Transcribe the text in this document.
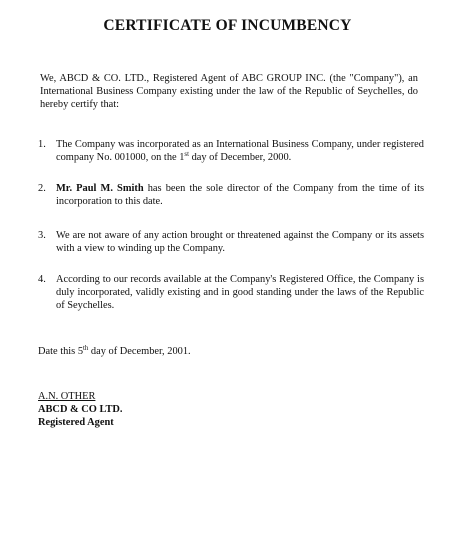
CERTIFICATE OF INCUMBENCY
We, ABCD & CO. LTD., Registered Agent of ABC GROUP INC. (the "Company"), an International Business Company existing under the law of the Republic of Seychelles, do hereby certify that:
1. The Company was incorporated as an International Business Company, under registered company No. 001000, on the 1st day of December, 2000.
2. Mr. Paul M. Smith has been the sole director of the Company from the time of its incorporation to this date.
3. We are not aware of any action brought or threatened against the Company or its assets with a view to winding up the Company.
4. According to our records available at the Company's Registered Office, the Company is duly incorporated, validly existing and in good standing under the laws of the Republic of Seychelles.
Date this 5th day of December, 2001.
A.N. OTHER
ABCD & CO LTD.
Registered Agent
